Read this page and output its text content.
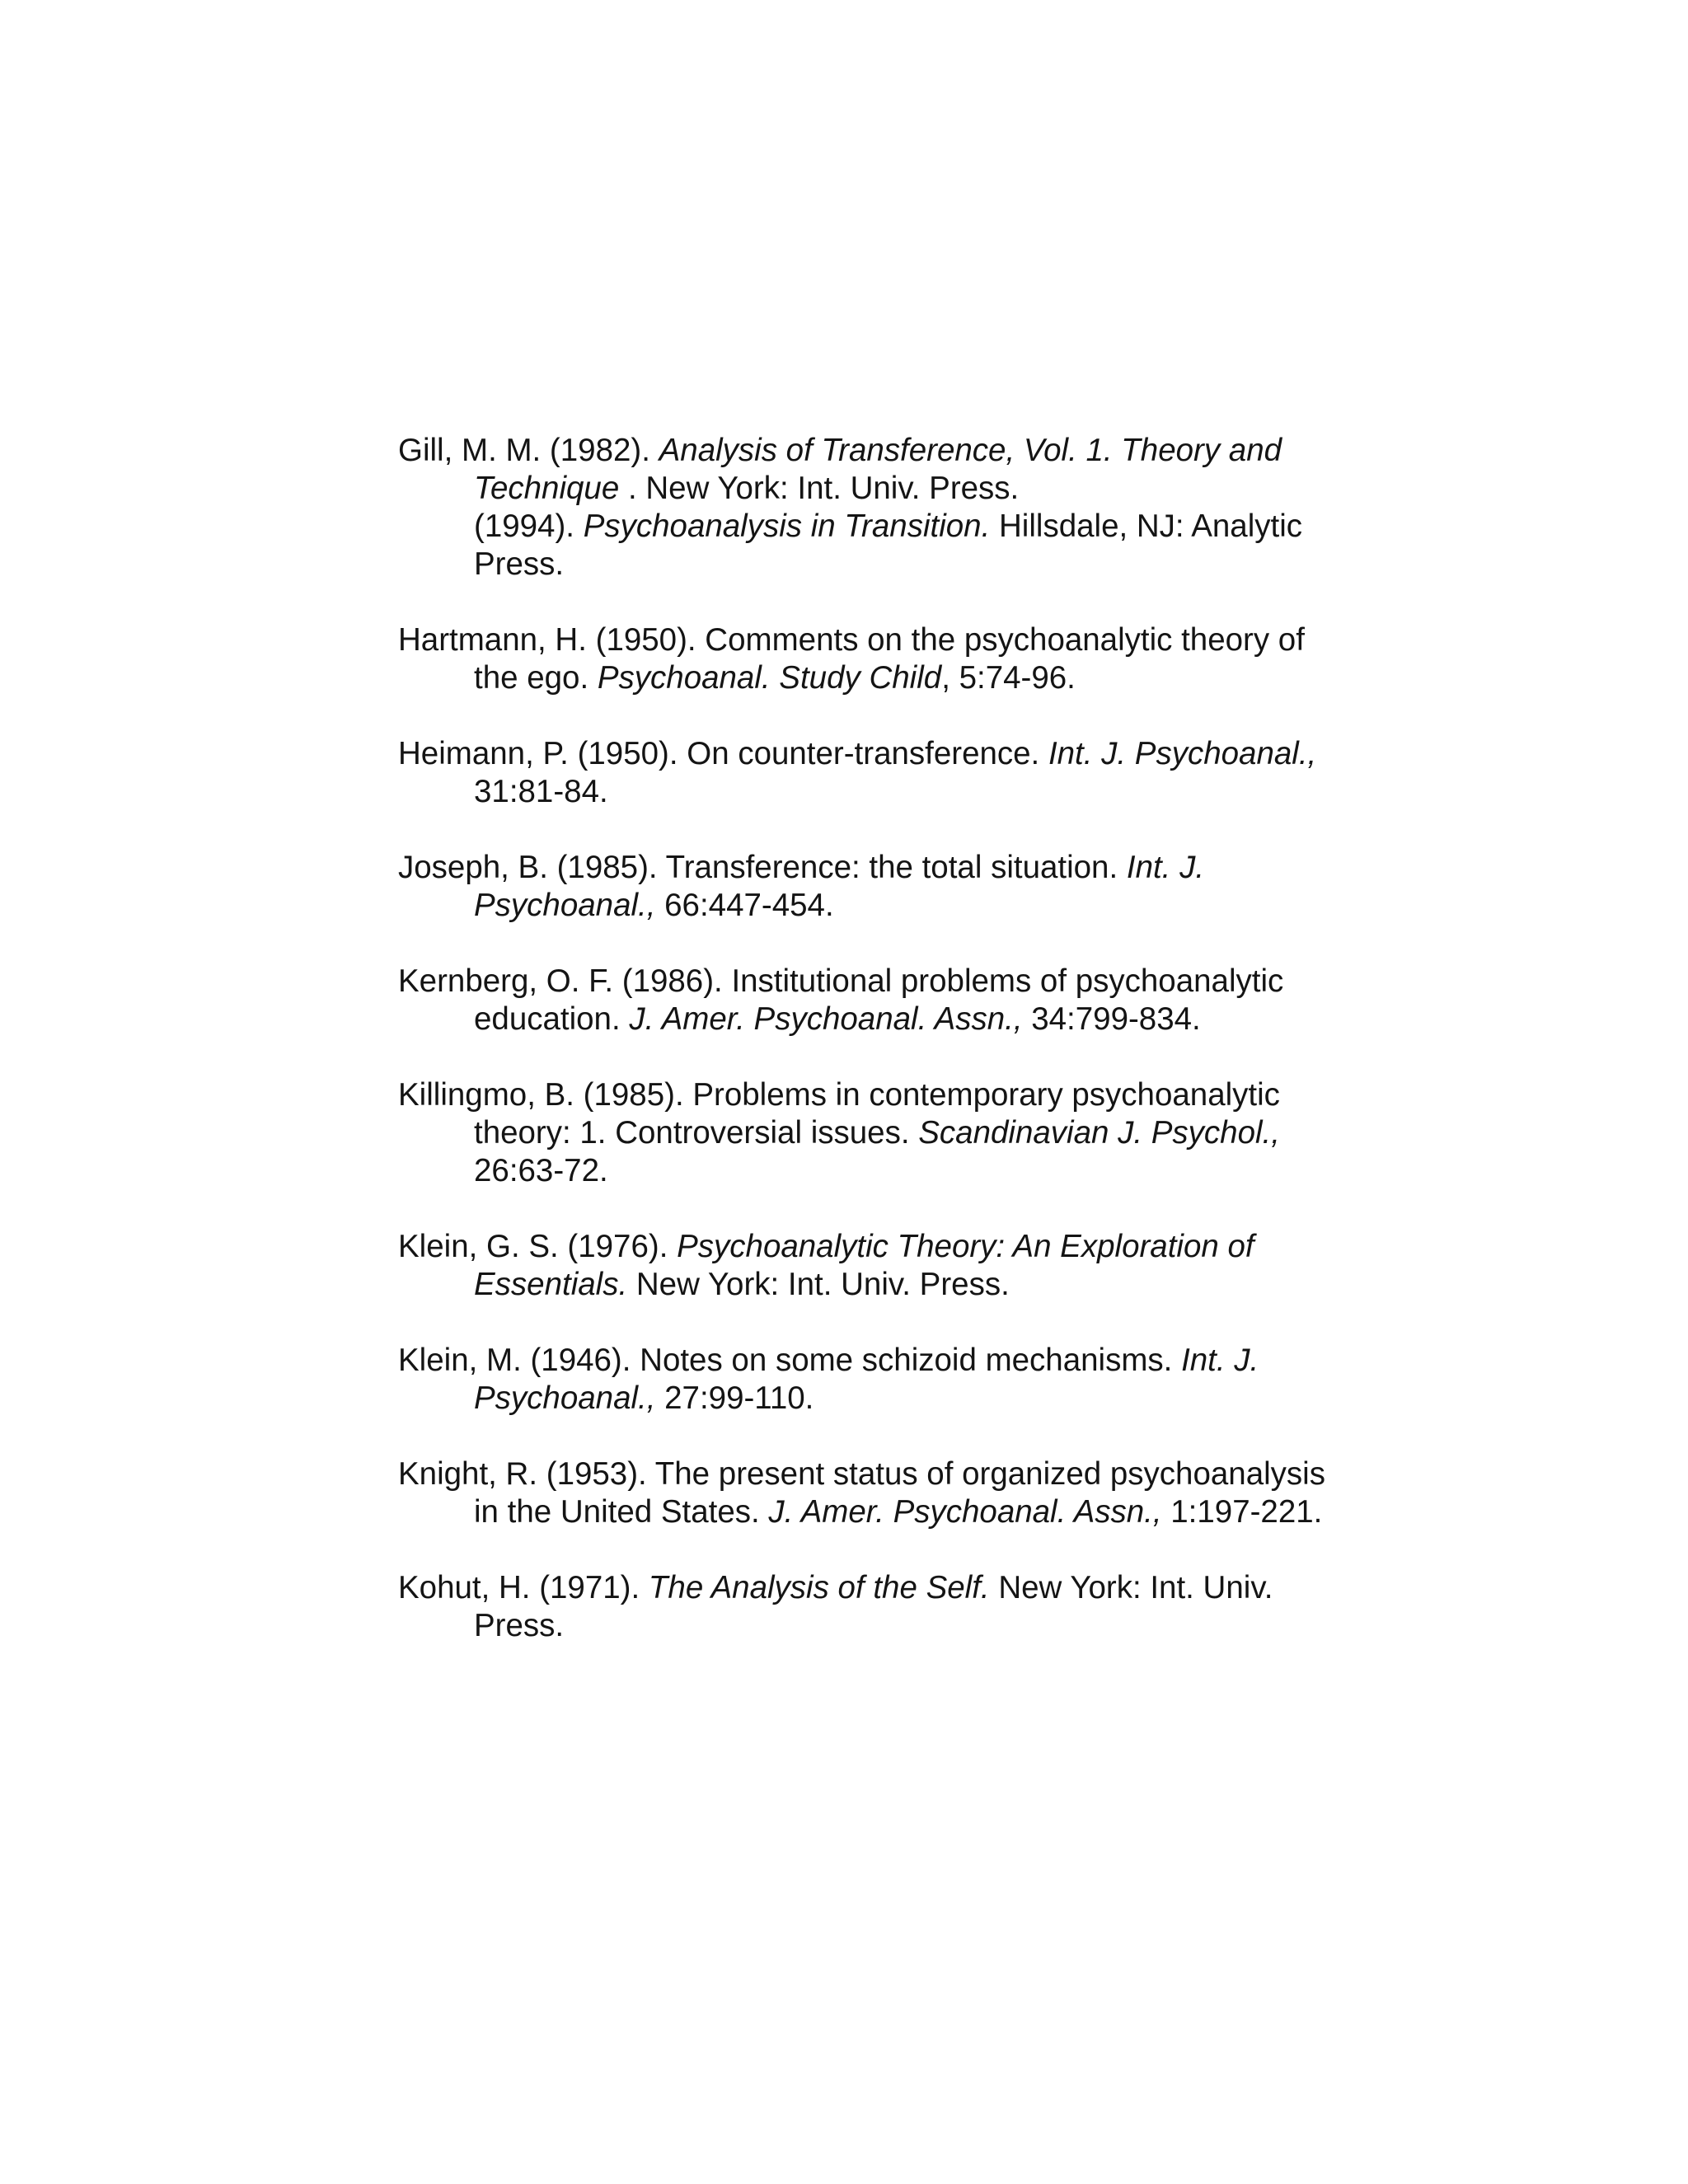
Gill, M. M. (1982). Analysis of Transference, Vol. 1. Theory and Technique . New York: Int. Univ. Press.

(1994). Psychoanalysis in Transition. Hillsdale, NJ: Analytic Press.

Hartmann, H. (1950). Comments on the psychoanalytic theory of the ego. Psychoanal. Study Child, 5:74-96.

Heimann, P. (1950). On counter-transference. Int. J. Psychoanal., 31:81-84.

Joseph, B. (1985). Transference: the total situation. Int. J. Psychoanal., 66:447-454.

Kernberg, O. F. (1986). Institutional problems of psychoanalytic education. J. Amer. Psychoanal. Assn., 34:799-834.

Killingmo, B. (1985). Problems in contemporary psychoanalytic theory: 1. Controversial issues. Scandinavian J. Psychol., 26:63-72.

Klein, G. S. (1976). Psychoanalytic Theory: An Exploration of Essentials. New York: Int. Univ. Press.

Klein, M. (1946). Notes on some schizoid mechanisms. Int. J. Psychoanal., 27:99-110.

Knight, R. (1953). The present status of organized psychoanalysis in the United States. J. Amer. Psychoanal. Assn., 1:197-221.

Kohut, H. (1971). The Analysis of the Self. New York: Int. Univ. Press.
